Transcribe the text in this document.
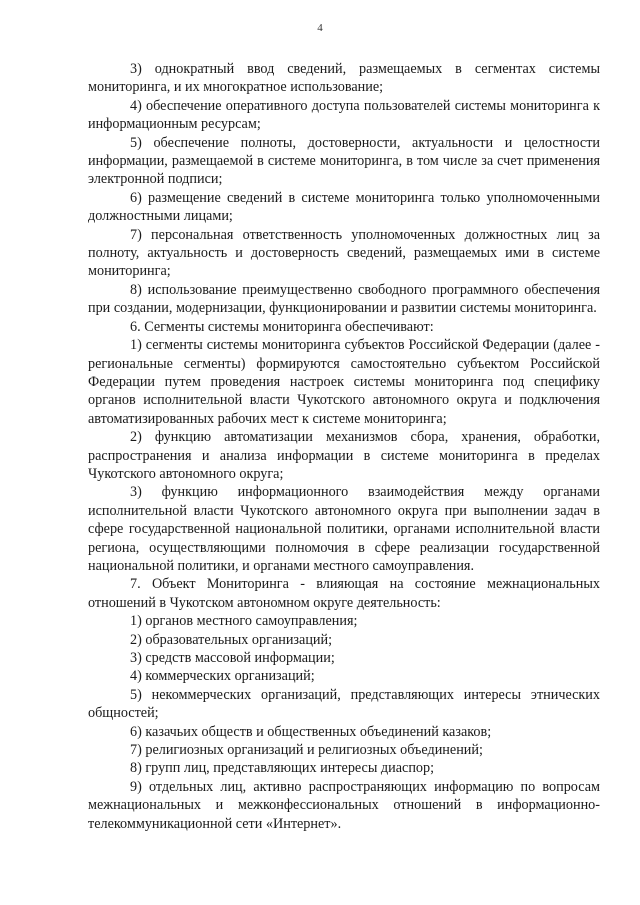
4

3) однократный ввод сведений, размещаемых в сегментах системы мониторинга, и их многократное использование;

4) обеспечение оперативного доступа пользователей системы мониторинга к информационным ресурсам;

5) обеспечение полноты, достоверности, актуальности и целостности информации, размещаемой в системе мониторинга, в том числе за счет применения электронной подписи;

6) размещение сведений в системе мониторинга только уполномоченными должностными лицами;

7) персональная ответственность уполномоченных должностных лиц за полноту, актуальность и достоверность сведений, размещаемых ими в системе мониторинга;

8) использование преимущественно свободного программного обеспечения при создании, модернизации, функционировании и развитии системы мониторинга.

6. Сегменты системы мониторинга обеспечивают:

1) сегменты системы мониторинга субъектов Российской Федерации (далее - региональные сегменты) формируются самостоятельно субъектом Российской Федерации путем проведения настроек системы мониторинга под специфику органов исполнительной власти Чукотского автономного округа и подключения автоматизированных рабочих мест к системе мониторинга;

2) функцию автоматизации механизмов сбора, хранения, обработки, распространения и анализа информации в системе мониторинга в пределах Чукотского автономного округа;

3) функцию информационного взаимодействия между органами исполнительной власти Чукотского автономного округа при выполнении задач в сфере государственной национальной политики, органами исполнительной власти региона, осуществляющими полномочия в сфере реализации государственной национальной политики, и органами местного самоуправления.

7. Объект Мониторинга - влияющая на состояние межнациональных отношений в Чукотском автономном округе деятельность:

1) органов местного самоуправления;

2) образовательных организаций;

3) средств массовой информации;

4) коммерческих организаций;

5) некоммерческих организаций, представляющих интересы этнических общностей;

6) казачьих обществ и общественных объединений казаков;

7) религиозных организаций и религиозных объединений;

8) групп лиц, представляющих интересы диаспор;

9) отдельных лиц, активно распространяющих информацию по вопросам межнациональных и межконфессиональных отношений в информационно-телекоммуникационной сети «Интернет».
